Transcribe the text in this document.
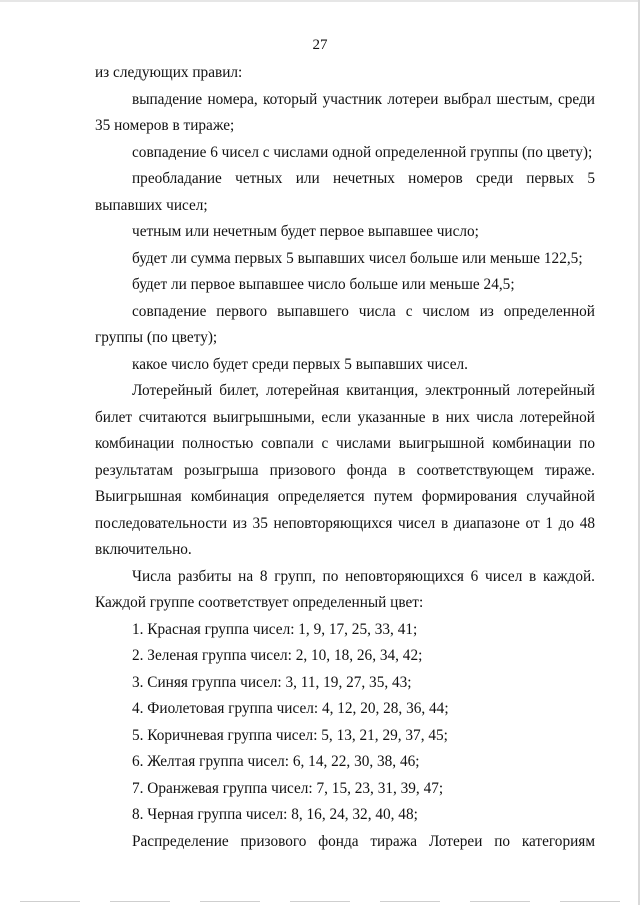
27

из следующих правил:

выпадение номера, который участник лотереи выбрал шестым, среди 35 номеров в тираже;

совпадение 6 чисел с числами одной определенной группы (по цвету);

преобладание четных или нечетных номеров среди первых 5 выпавших чисел;

четным или нечетным будет первое выпавшее число;

будет ли сумма первых 5 выпавших чисел больше или меньше 122,5;

будет ли первое выпавшее число больше или меньше 24,5;

совпадение первого выпавшего числа с числом из определенной группы (по цвету);

какое число будет среди первых 5 выпавших чисел.

Лотерейный билет, лотерейная квитанция, электронный лотерейный билет считаются выигрышными, если указанные в них числа лотерейной комбинации полностью совпали с числами выигрышной комбинации по результатам розыгрыша призового фонда в соответствующем тираже. Выигрышная комбинация определяется путем формирования случайной последовательности из 35 неповторяющихся чисел в диапазоне от 1 до 48 включительно.

Числа разбиты на 8 групп, по неповторяющихся 6 чисел в каждой. Каждой группе соответствует определенный цвет:

1. Красная группа чисел: 1, 9, 17, 25, 33, 41;

2. Зеленая группа чисел: 2, 10, 18, 26, 34, 42;

3. Синяя группа чисел: 3, 11, 19, 27, 35, 43;

4. Фиолетовая группа чисел: 4, 12, 20, 28, 36, 44;

5. Коричневая группа чисел: 5, 13, 21, 29, 37, 45;

6. Желтая группа чисел: 6, 14, 22, 30, 38, 46;

7. Оранжевая группа чисел: 7, 15, 23, 31, 39, 47;

8. Черная группа чисел: 8, 16, 24, 32, 40, 48;

Распределение призового фонда тиража Лотереи по категориям
